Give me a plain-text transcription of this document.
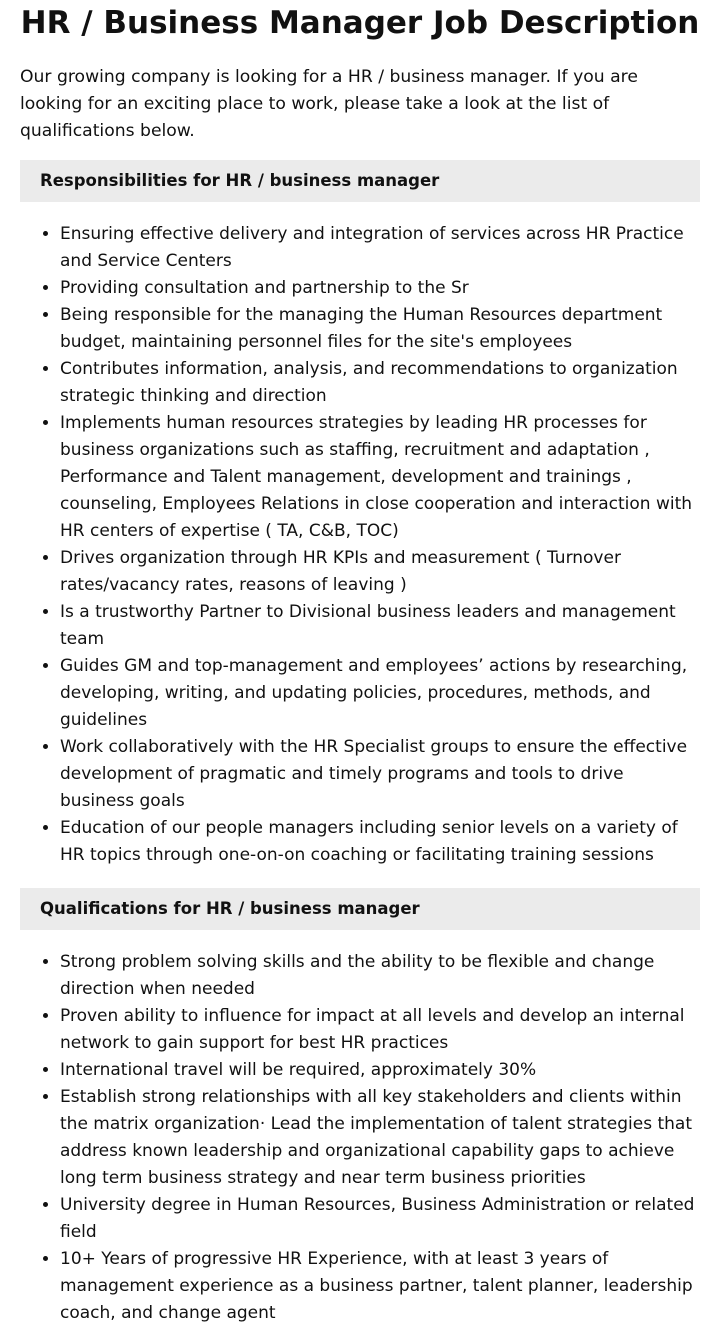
HR / Business Manager Job Description

Our growing company is looking for a HR / business manager. If you are looking for an exciting place to work, please take a look at the list of qualifications below.

Responsibilities for HR / business manager
• Ensuring effective delivery and integration of services across HR Practice and Service Centers
• Providing consultation and partnership to the Sr
• Being responsible for the managing the Human Resources department budget, maintaining personnel files for the site's employees
• Contributes information, analysis, and recommendations to organization strategic thinking and direction
• Implements human resources strategies by leading HR processes for business organizations such as staffing, recruitment and adaptation , Performance and Talent management, development and trainings , counseling, Employees Relations in close cooperation and interaction with HR centers of expertise ( TA, C&B, TOC)
• Drives organization through HR KPIs and measurement ( Turnover rates/vacancy rates, reasons of leaving )
• Is a trustworthy Partner to Divisional business leaders and management team
• Guides GM and top-management and employees’ actions by researching, developing, writing, and updating policies, procedures, methods, and guidelines
• Work collaboratively with the HR Specialist groups to ensure the effective development of pragmatic and timely programs and tools to drive business goals
• Education of our people managers including senior levels on a variety of HR topics through one-on-on coaching or facilitating training sessions
Qualifications for HR / business manager
• Strong problem solving skills and the ability to be flexible and change direction when needed
• Proven ability to influence for impact at all levels and develop an internal network to gain support for best HR practices
• International travel will be required, approximately 30%
• Establish strong relationships with all key stakeholders and clients within the matrix organization· Lead the implementation of talent strategies that address known leadership and organizational capability gaps to achieve long term business strategy and near term business priorities
• University degree in Human Resources, Business Administration or related field
• 10+ Years of progressive HR Experience, with at least 3 years of management experience as a business partner, talent planner, leadership coach, and change agent
